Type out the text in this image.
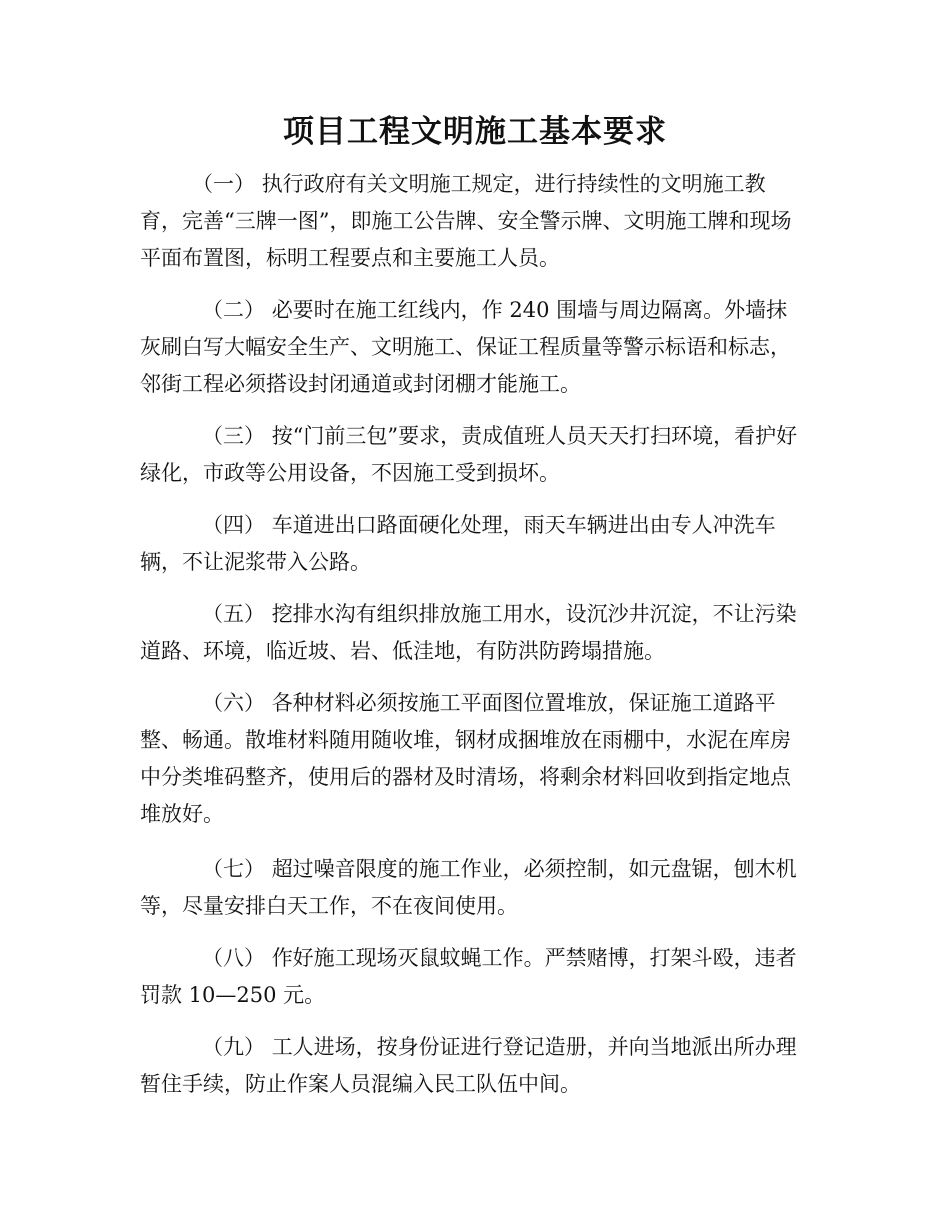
项目工程文明施工基本要求

（一） 执行政府有关文明施工规定，进行持续性的文明施工教育，完善“三牌一图”，即施工公告牌、安全警示牌、文明施工牌和现场平面布置图，标明工程要点和主要施工人员。

（二） 必要时在施工红线内，作 240 围墙与周边隔离。外墙抹灰刷白写大幅安全生产、文明施工、保证工程质量等警示标语和标志，邻街工程必须搭设封闭通道或封闭棚才能施工。

（三） 按“门前三包”要求，责成值班人员天天打扫环境，看护好绿化，市政等公用设备，不因施工受到损坏。

（四） 车道进出口路面硬化处理，雨天车辆进出由专人冲洗车辆，不让泥浆带入公路。

（五） 挖排水沟有组织排放施工用水，设沉沙井沉淀，不让污染道路、环境，临近坡、岩、低洼地，有防洪防跨塌措施。

（六） 各种材料必须按施工平面图位置堆放，保证施工道路平整、畅通。散堆材料随用随收堆，钢材成捆堆放在雨棚中，水泥在库房中分类堆码整齐，使用后的器材及时清场，将剩余材料回收到指定地点堆放好。

（七） 超过噪音限度的施工作业，必须控制，如元盘锯，刨木机等，尽量安排白天工作，不在夜间使用。

（八） 作好施工现场灭鼠蚊蝇工作。严禁赌博，打架斗殴，违者罚款 10—250 元。

（九） 工人进场，按身份证进行登记造册，并向当地派出所办理暂住手续，防止作案人员混编入民工队伍中间。
